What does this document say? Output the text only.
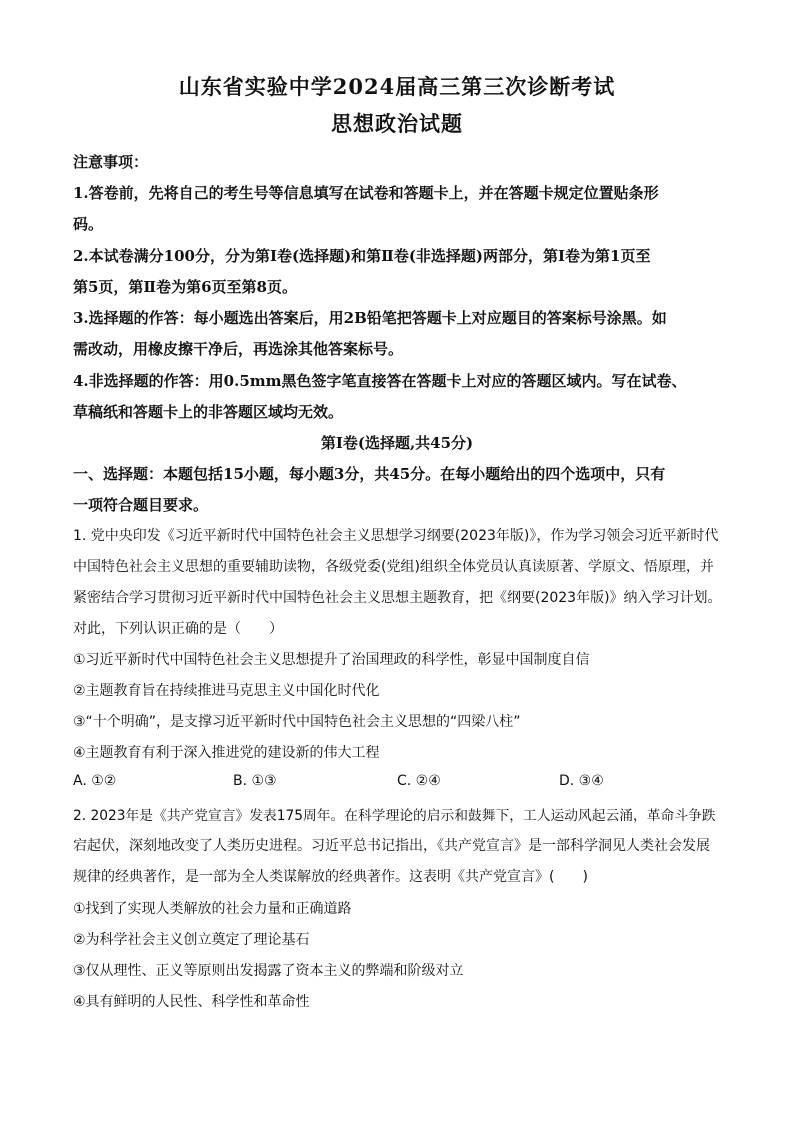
山东省实验中学2024届高三第三次诊断考试
思想政治试题
注意事项：
1.答卷前，先将自己的考生号等信息填写在试卷和答题卡上，并在答题卡规定位置贴条形
码。
2.本试卷满分100分，分为第Ⅰ卷(选择题)和第Ⅱ卷(非选择题)两部分，第Ⅰ卷为第1页至
第5页，第Ⅱ卷为第6页至第8页。
3.选择题的作答：每小题选出答案后，用2B铅笔把答题卡上对应题目的答案标号涂黑。如
需改动，用橡皮擦干净后，再选涂其他答案标号。
4.非选择题的作答：用0.5mm黑色签字笔直接答在答题卡上对应的答题区域内。写在试卷、
草稿纸和答题卡上的非答题区域均无效。
第Ⅰ卷(选择题,共45分)
一、选择题：本题包括15小题，每小题3分，共45分。在每小题给出的四个选项中，只有
一项符合题目要求。
1. 党中央印发《习近平新时代中国特色社会主义思想学习纲要(2023年版)》，作为学习领会习近平新时代
中国特色社会主义思想的重要辅助读物，各级党委(党组)组织全体党员认真读原著、学原文、悟原理，并
紧密结合学习贯彻习近平新时代中国特色社会主义思想主题教育，把《纲要(2023年版)》纳入学习计划。
对此，下列认识正确的是（　　）
①习近平新时代中国特色社会主义思想提升了治国理政的科学性，彰显中国制度自信
②主题教育旨在持续推进马克思主义中国化时代化
③“十个明确”，是支撑习近平新时代中国特色社会主义思想的“四梁八柱”
④主题教育有利于深入推进党的建设新的伟大工程
A. ①②	B. ①③	C. ②④	D. ③④
2. 2023年是《共产党宣言》发表175周年。在科学理论的启示和鼓舞下，工人运动风起云涌，革命斗争跌
宕起伏，深刻地改变了人类历史进程。习近平总书记指出，《共产党宣言》是一部科学洞见人类社会发展
规律的经典著作，是一部为全人类谋解放的经典著作。这表明《共产党宣言》(　　)
①找到了实现人类解放的社会力量和正确道路
②为科学社会主义创立奠定了理论基石
③仅从理性、正义等原则出发揭露了资本主义的弊端和阶级对立
④具有鲜明的人民性、科学性和革命性
